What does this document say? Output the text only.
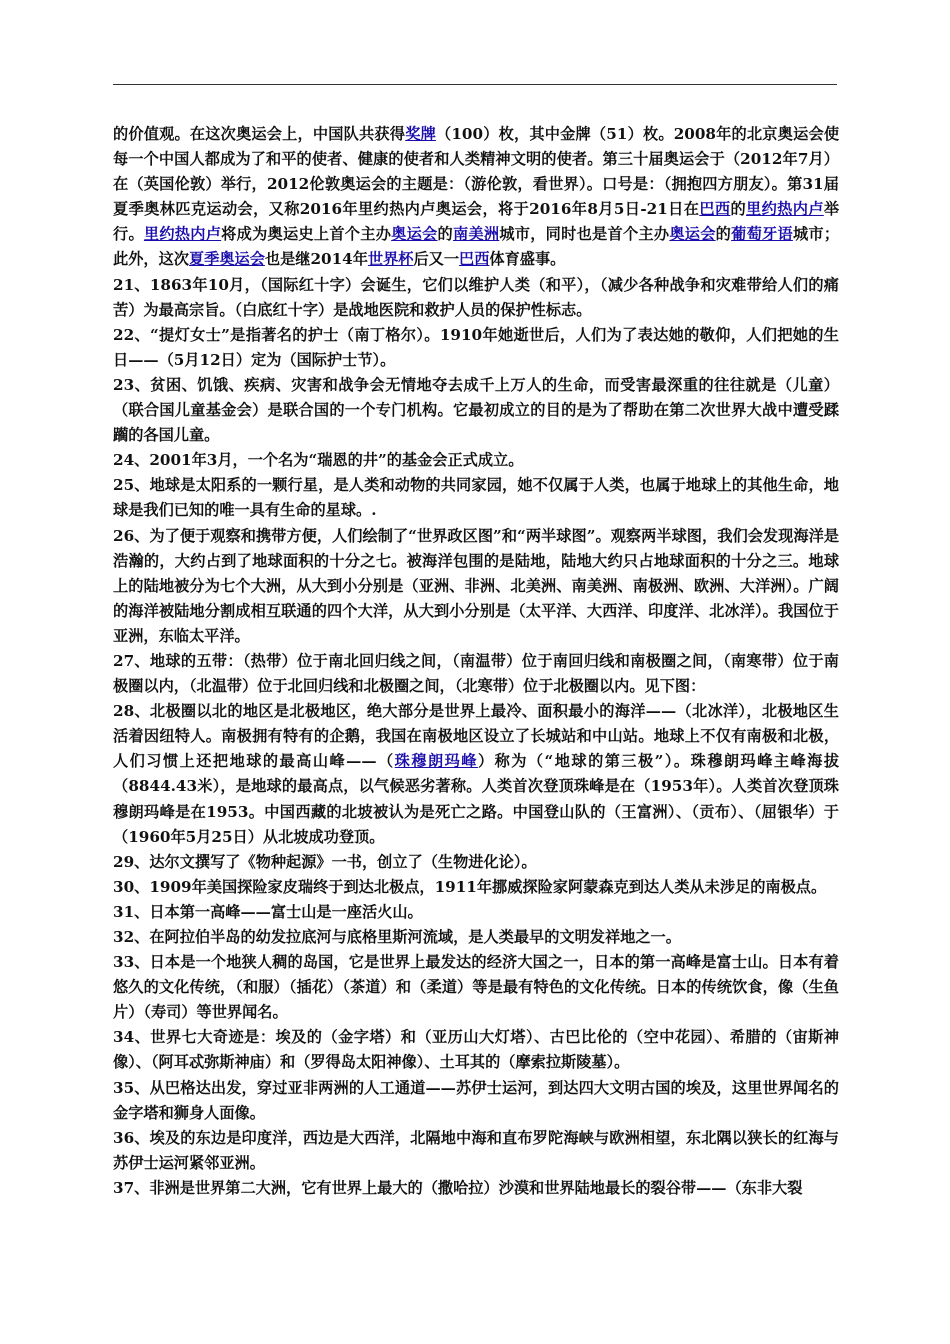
的价值观。在这次奥运会上，中国队共获得奖牌（100）枚，其中金牌（51）枚。2008年的北京奥运会使每一个中国人都成为了和平的使者、健康的使者和人类精神文明的使者。第三十届奥运会于（2012年7月）在（英国伦敦）举行，2012伦敦奥运会的主题是：（游伦敦，看世界）。口号是：（拥抱四方朋友）。第31届夏季奥林匹克运动会，又称2016年里约热内卢奥运会，将于2016年8月5日-21日在巴西的里约热内卢举行。里约热内卢将成为奥运史上首个主办奥运会的南美洲城市，同时也是首个主办奥运会的葡萄牙语城市；此外，这次夏季奥运会也是继2014年世界杯后又一巴西体育盛事。

21、1863年10月，（国际红十字）会诞生，它们以维护人类（和平），（减少各种战争和灾难带给人们的痛苦）为最高宗旨。（白底红十字）是战地医院和救护人员的保护性标志。

22、“提灯女士”是指著名的护士（南丁格尔）。1910年她逝世后，人们为了表达她的敬仰，人们把她的生日——（5月12日）定为（国际护士节）。

23、贫困、饥饿、疾病、灾害和战争会无情地夺去成千上万人的生命，而受害最深重的往往就是（儿童）（联合国儿童基金会）是联合国的一个专门机构。它最初成立的目的是为了帮助在第二次世界大战中遭受蹂躏的各国儿童。

24、2001年3月，一个名为“瑞恩的井”的基金会正式成立。

25、地球是太阳系的一颗行星，是人类和动物的共同家园，她不仅属于人类，也属于地球上的其他生命，地球是我们已知的唯一具有生命的星球。.

26、为了便于观察和携带方便，人们绘制了“世界政区图”和“两半球图”。观察两半球图，我们会发现海洋是浩瀚的，大约占到了地球面积的十分之七。被海洋包围的是陆地，陆地大约只占地球面积的十分之三。地球上的陆地被分为七个大洲，从大到小分别是（亚洲、非洲、北美洲、南美洲、南极洲、欧洲、大洋洲）。广阔的海洋被陆地分割成相互联通的四个大洋，从大到小分别是（太平洋、大西洋、印度洋、北冰洋）。我国位于亚洲，东临太平洋。

27、地球的五带：（热带）位于南北回归线之间，（南温带）位于南回归线和南极圈之间，（南寒带）位于南极圈以内，（北温带）位于北回归线和北极圈之间，（北寒带）位于北极圈以内。见下图：

28、北极圈以北的地区是北极地区，绝大部分是世界上最冷、面积最小的海洋——（北冰洋），北极地区生活着因纽特人。南极拥有特有的企鹅，我国在南极地区设立了长城站和中山站。地球上不仅有南极和北极，人们习惯上还把地球的最高山峰——（珠穆朗玛峰）称为（“地球的第三极”）。珠穆朗玛峰主峰海拔（8844.43米），是地球的最高点，以气候恶劣著称。人类首次登顶珠峰是在（1953年）。人类首次登顶珠穆朗玛峰是在1953。中国西藏的北坡被认为是死亡之路。中国登山队的（王富洲）、（贡布）、（屈银华）于（1960年5月25日）从北坡成功登顶。

29、达尔文撰写了《物种起源》一书，创立了（生物进化论）。

30、1909年美国探险家皮瑞终于到达北极点，1911年挪威探险家阿蒙森克到达人类从未涉足的南极点。

31、日本第一高峰——富士山是一座活火山。

32、在阿拉伯半岛的幼发拉底河与底格里斯河流域，是人类最早的文明发祥地之一。

33、日本是一个地狭人稠的岛国，它是世界上最发达的经济大国之一，日本的第一高峰是富士山。日本有着悠久的文化传统，（和服）（插花）（茶道）和（柔道）等是最有特色的文化传统。日本的传统饮食，像（生鱼片）（寿司）等世界闻名。

34、世界七大奇迹是：埃及的（金字塔）和（亚历山大灯塔）、古巴比伦的（空中花园）、希腊的（宙斯神像）、（阿耳忒弥斯神庙）和（罗得岛太阳神像）、土耳其的（摩索拉斯陵墓）。

35、从巴格达出发，穿过亚非两洲的人工通道——苏伊士运河，到达四大文明古国的埃及，这里世界闻名的金字塔和狮身人面像。

36、埃及的东边是印度洋，西边是大西洋，北隔地中海和直布罗陀海峡与欧洲相望，东北隅以狭长的红海与苏伊士运河紧邻亚洲。

37、非洲是世界第二大洲，它有世界上最大的（撒哈拉）沙漠和世界陆地最长的裂谷带——（东非大裂
